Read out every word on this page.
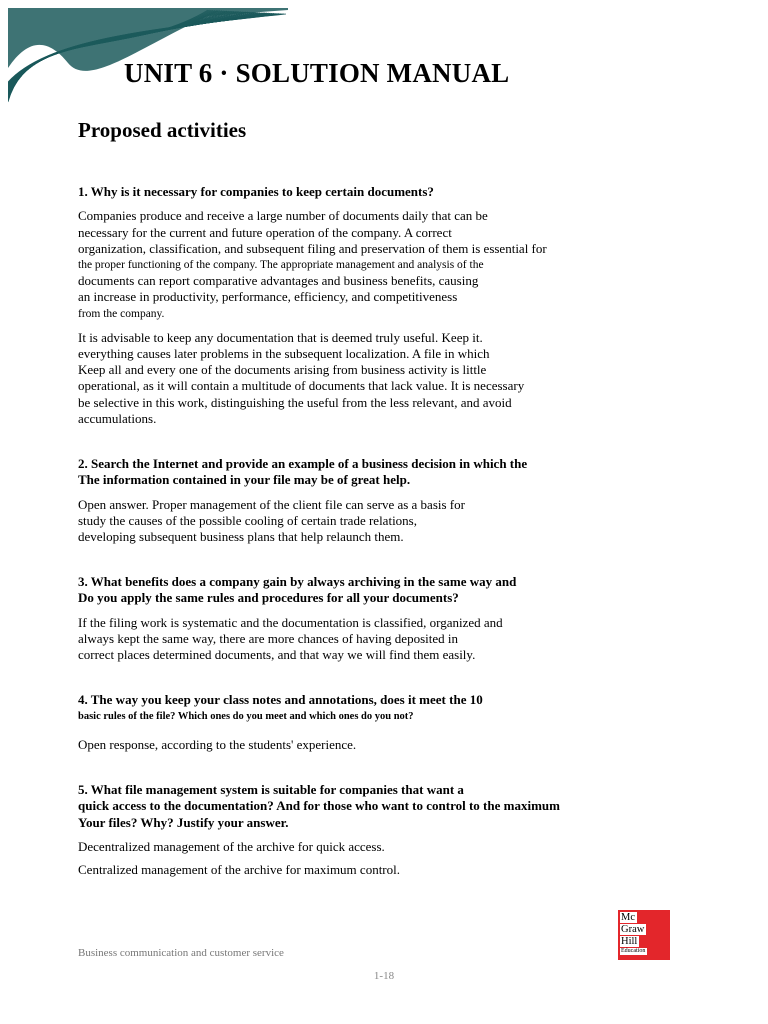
UNIT 6 · SOLUTION MANUAL
Proposed activities

1. Why is it necessary for companies to keep certain documents?

Companies produce and receive a large number of documents daily that can be
necessary for the current and future operation of the company. A correct
organization, classification, and subsequent filing and preservation of them is essential for
the proper functioning of the company. The appropriate management and analysis of the
documents can report comparative advantages and business benefits, causing
an increase in productivity, performance, efficiency, and competitiveness
from the company.

It is advisable to keep any documentation that is deemed truly useful. Keep it.
everything causes later problems in the subsequent localization. A file in which
Keep all and every one of the documents arising from business activity is little
operational, as it will contain a multitude of documents that lack value. It is necessary
be selective in this work, distinguishing the useful from the less relevant, and avoid
accumulations.

2. Search the Internet and provide an example of a business decision in which the
The information contained in your file may be of great help.

Open answer. Proper management of the client file can serve as a basis for
study the causes of the possible cooling of certain trade relations,
developing subsequent business plans that help relaunch them.

3. What benefits does a company gain by always archiving in the same way and
Do you apply the same rules and procedures for all your documents?

If the filing work is systematic and the documentation is classified, organized and
always kept the same way, there are more chances of having deposited in
correct places determined documents, and that way we will find them easily.

4. The way you keep your class notes and annotations, does it meet the 10
basic rules of the file? Which ones do you meet and which ones do you not?

Open response, according to the students' experience.

5. What file management system is suitable for companies that want a
quick access to the documentation? And for those who want to control to the maximum
Your files? Why? Justify your answer.

Decentralized management of the archive for quick access.

Centralized management of the archive for maximum control.

Business communication and customer service

1-18

Mc
Graw
Hill
Education
